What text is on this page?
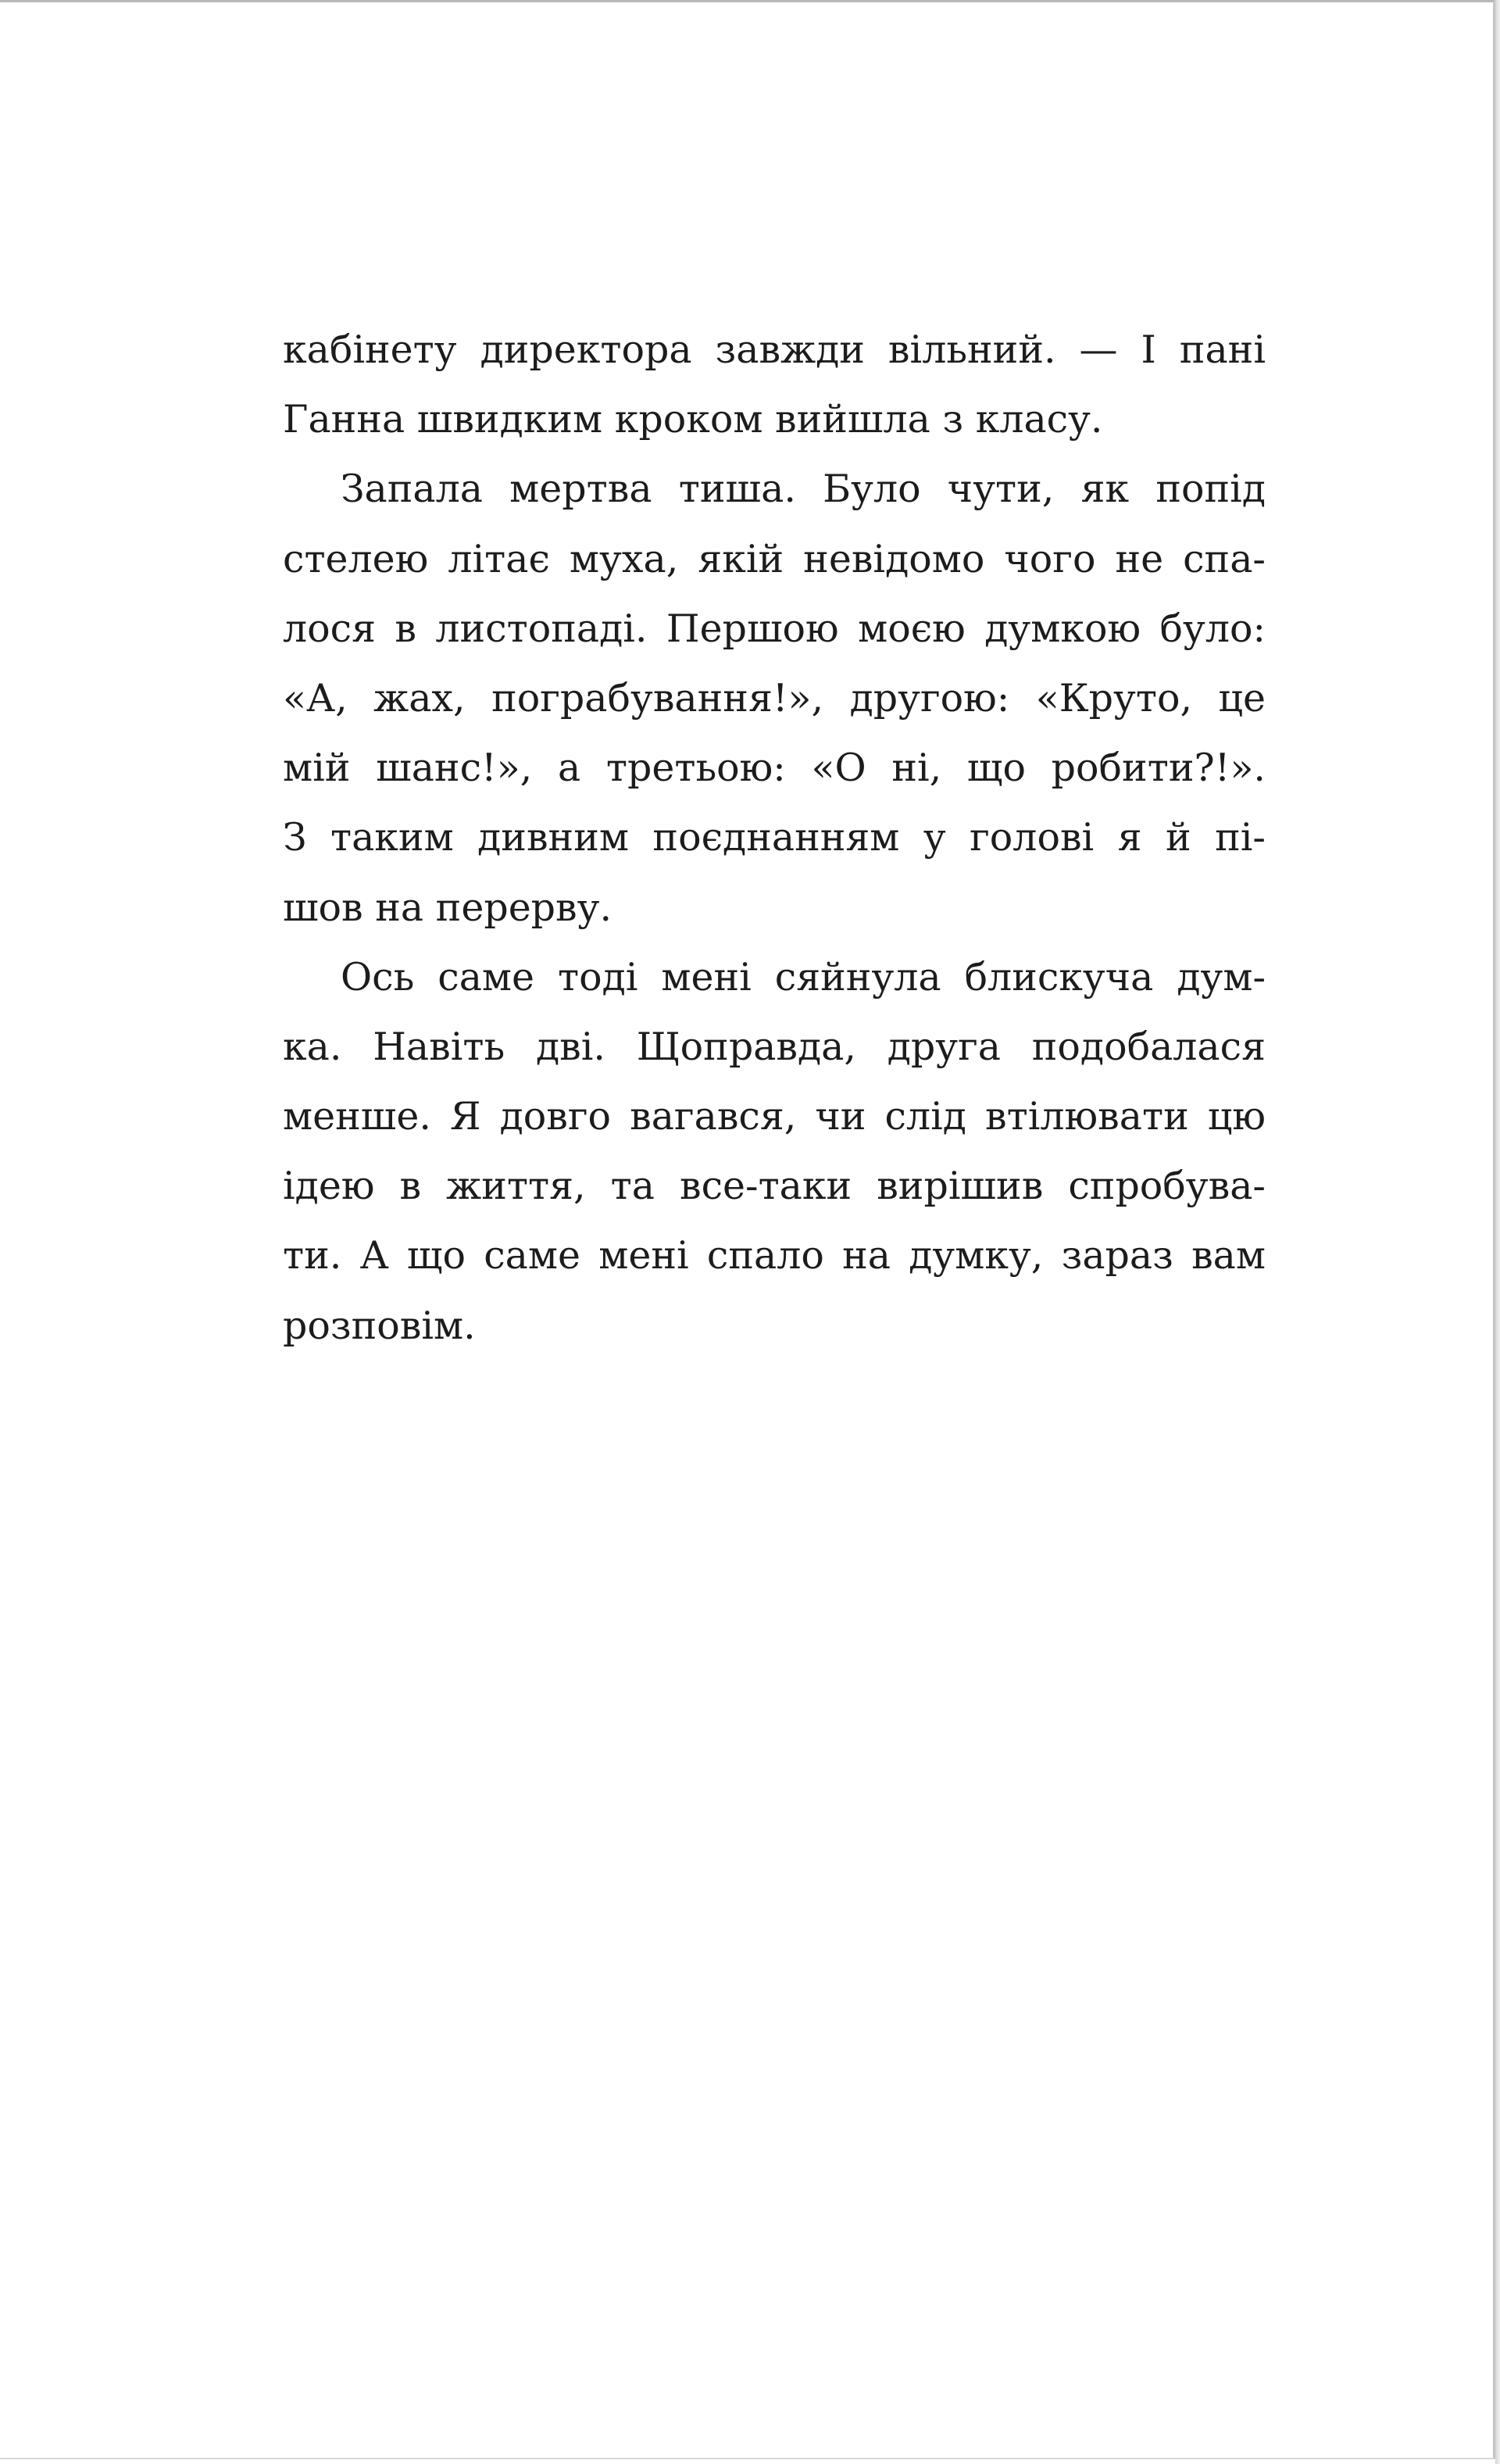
кабінету директора завжди вільний. — І пані
Ганна швидким кроком вийшла з класу.
Запала мертва тиша. Було чути, як попід
стелею літає муха, якій невідомо чого не спа-
лося в листопаді. Першою моєю думкою було:
«А, жах, пограбування!», другою: «Круто, це
мій шанс!», а третьою: «О ні, що робити?!».
З таким дивним поєднанням у голові я й пі-
шов на перерву.
Ось саме тоді мені сяйнула блискуча дум-
ка. Навіть дві. Щоправда, друга подобалася
менше. Я довго вагався, чи слід втілювати цю
ідею в життя, та все-таки вирішив спробува-
ти. А що саме мені спало на думку, зараз вам
розповім.
